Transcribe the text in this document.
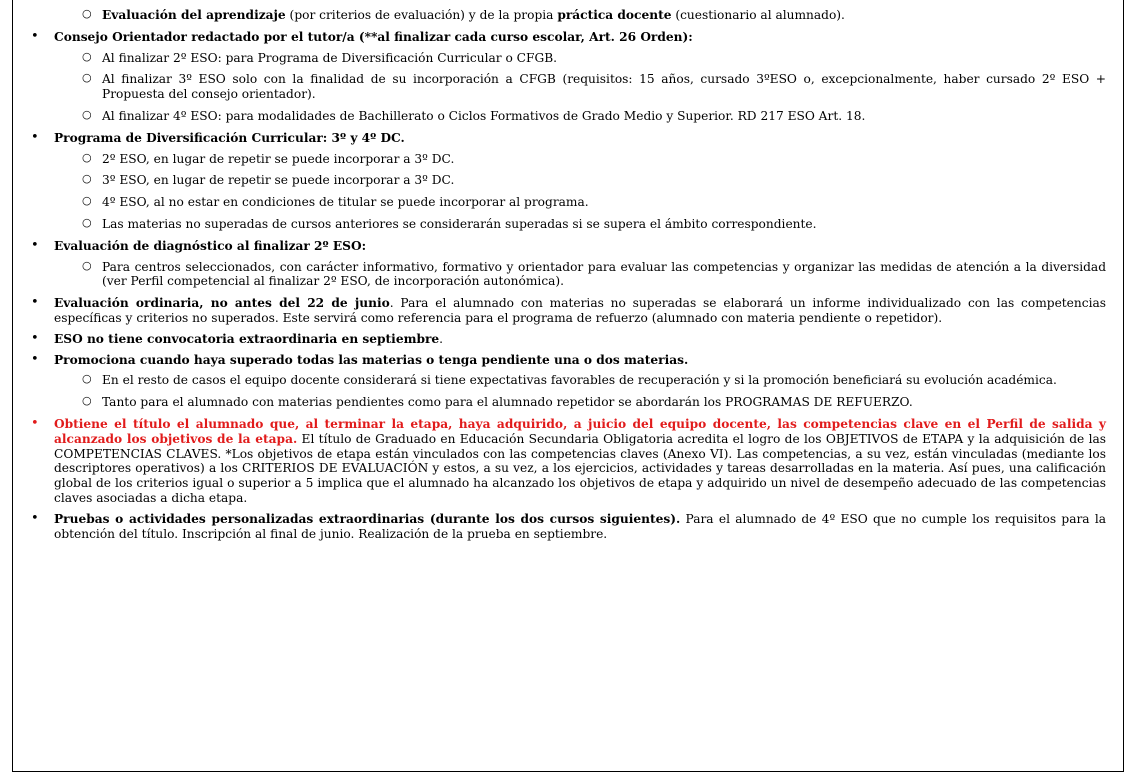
○ Evaluación del aprendizaje (por criterios de evaluación) y de la propia práctica docente (cuestionario al alumnado).
• Consejo Orientador redactado por el tutor/a (**al finalizar cada curso escolar, Art. 26 Orden):
○ Al finalizar 2º ESO: para Programa de Diversificación Curricular o CFGB.
○ Al finalizar 3º ESO solo con la finalidad de su incorporación a CFGB (requisitos: 15 años, cursado 3ºESO o, excepcionalmente, haber cursado 2º ESO + Propuesta del consejo orientador).
○ Al finalizar 4º ESO: para modalidades de Bachillerato o Ciclos Formativos de Grado Medio y Superior. RD 217 ESO Art. 18.
• Programa de Diversificación Curricular: 3º y 4º DC.
○ 2º ESO, en lugar de repetir se puede incorporar a 3º DC.
○ 3º ESO, en lugar de repetir se puede incorporar a 3º DC.
○ 4º ESO, al no estar en condiciones de titular se puede incorporar al programa.
○ Las materias no superadas de cursos anteriores se considerarán superadas si se supera el ámbito correspondiente.
• Evaluación de diagnóstico al finalizar 2º ESO:
○ Para centros seleccionados, con carácter informativo, formativo y orientador para evaluar las competencias y organizar las medidas de atención a la diversidad (ver Perfil competencial al finalizar 2º ESO, de incorporación autonómica).
• Evaluación ordinaria, no antes del 22 de junio. Para el alumnado con materias no superadas se elaborará un informe individualizado con las competencias específicas y criterios no superados. Este servirá como referencia para el programa de refuerzo (alumnado con materia pendiente o repetidor).
• ESO no tiene convocatoria extraordinaria en septiembre.
• Promociona cuando haya superado todas las materias o tenga pendiente una o dos materias.
○ En el resto de casos el equipo docente considerará si tiene expectativas favorables de recuperación y si la promoción beneficiará su evolución académica.
○ Tanto para el alumnado con materias pendientes como para el alumnado repetidor se abordarán los PROGRAMAS DE REFUERZO.
• Obtiene el título el alumnado que, al terminar la etapa, haya adquirido, a juicio del equipo docente, las competencias clave en el Perfil de salida y alcanzado los objetivos de la etapa. El título de Graduado en Educación Secundaria Obligatoria acredita el logro de los OBJETIVOS de ETAPA y la adquisición de las COMPETENCIAS CLAVES. *Los objetivos de etapa están vinculados con las competencias claves (Anexo VI). Las competencias, a su vez, están vinculadas (mediante los descriptores operativos) a los CRITERIOS DE EVALUACIÓN y estos, a su vez, a los ejercicios, actividades y tareas desarrolladas en la materia. Así pues, una calificación global de los criterios igual o superior a 5 implica que el alumnado ha alcanzado los objetivos de etapa y adquirido un nivel de desempeño adecuado de las competencias claves asociadas a dicha etapa.
• Pruebas o actividades personalizadas extraordinarias (durante los dos cursos siguientes). Para el alumnado de 4º ESO que no cumple los requisitos para la obtención del título. Inscripción al final de junio. Realización de la prueba en septiembre.
